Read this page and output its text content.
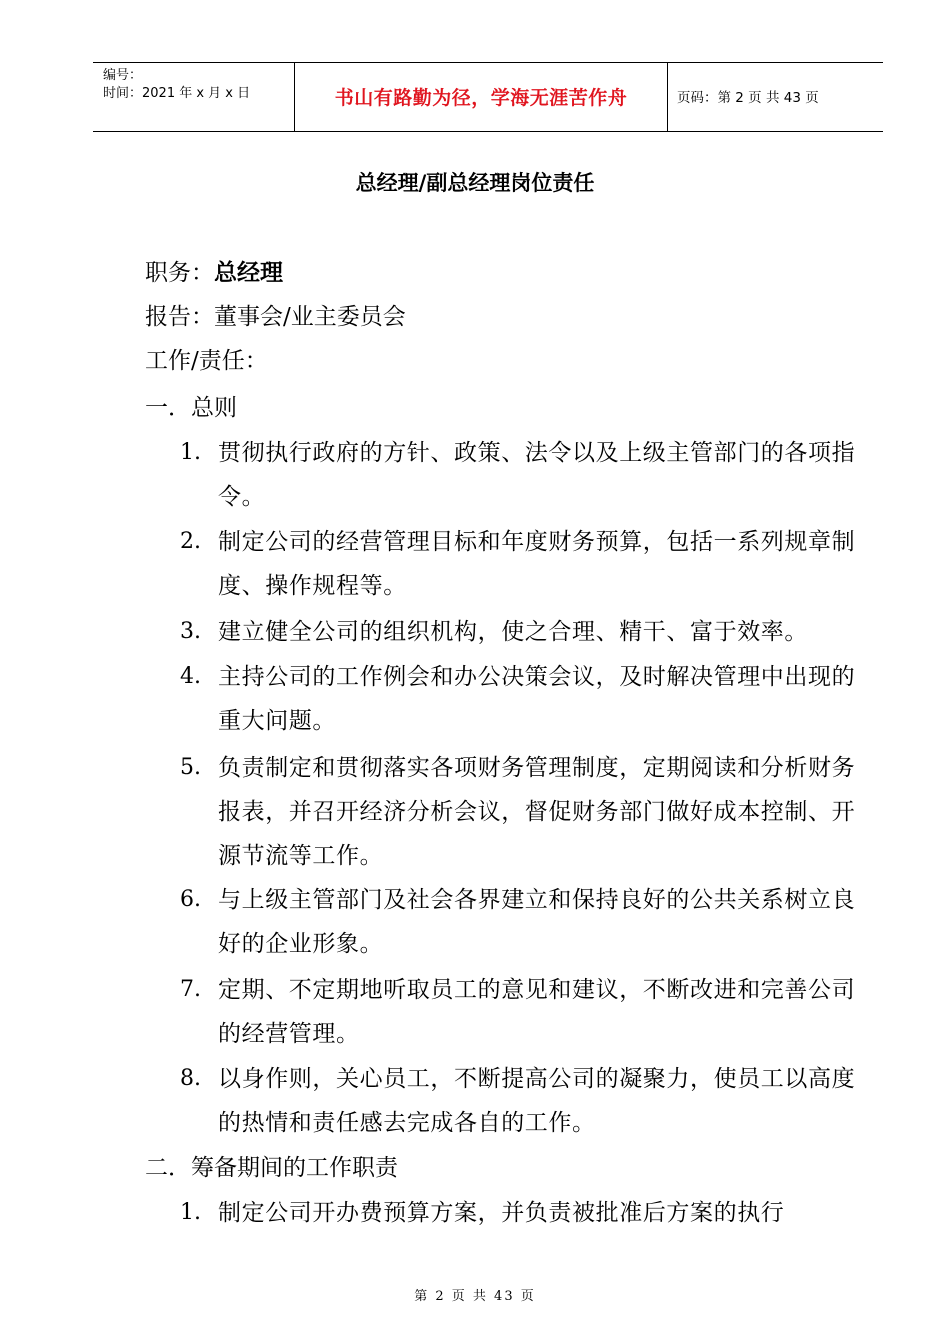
编号：
时间：2021 年 x 月 x 日	书山有路勤为径，学海无涯苦作舟	页码：第 2 页 共 43 页
总经理/副总经理岗位责任
职务：总经理
报告：董事会/业主委员会
工作/责任：
一．总则
1. 贯彻执行政府的方针、政策、法令以及上级主管部门的各项指令。
2. 制定公司的经营管理目标和年度财务预算，包括一系列规章制    度、操作规程等。
3. 建立健全公司的组织机构，使之合理、精干、富于效率。
4. 主持公司的工作例会和办公决策会议，及时解决管理中出现的重大问题。
5. 负责制定和贯彻落实各项财务管理制度，定期阅读和分析财务报表，并召开经济分析会议，督促财务部门做好成本控制、开源节流等工作。
6. 与上级主管部门及社会各界建立和保持良好的公共关系树立良好的企业形象。
7. 定期、不定期地听取员工的意见和建议，不断改进和完善公司的经营管理。
8. 以身作则，关心员工，不断提高公司的凝聚力，使员工以高度的热情和责任感去完成各自的工作。
二．筹备期间的工作职责
1. 制定公司开办费预算方案，并负责被批准后方案的执行
第 2 页 共 43 页
